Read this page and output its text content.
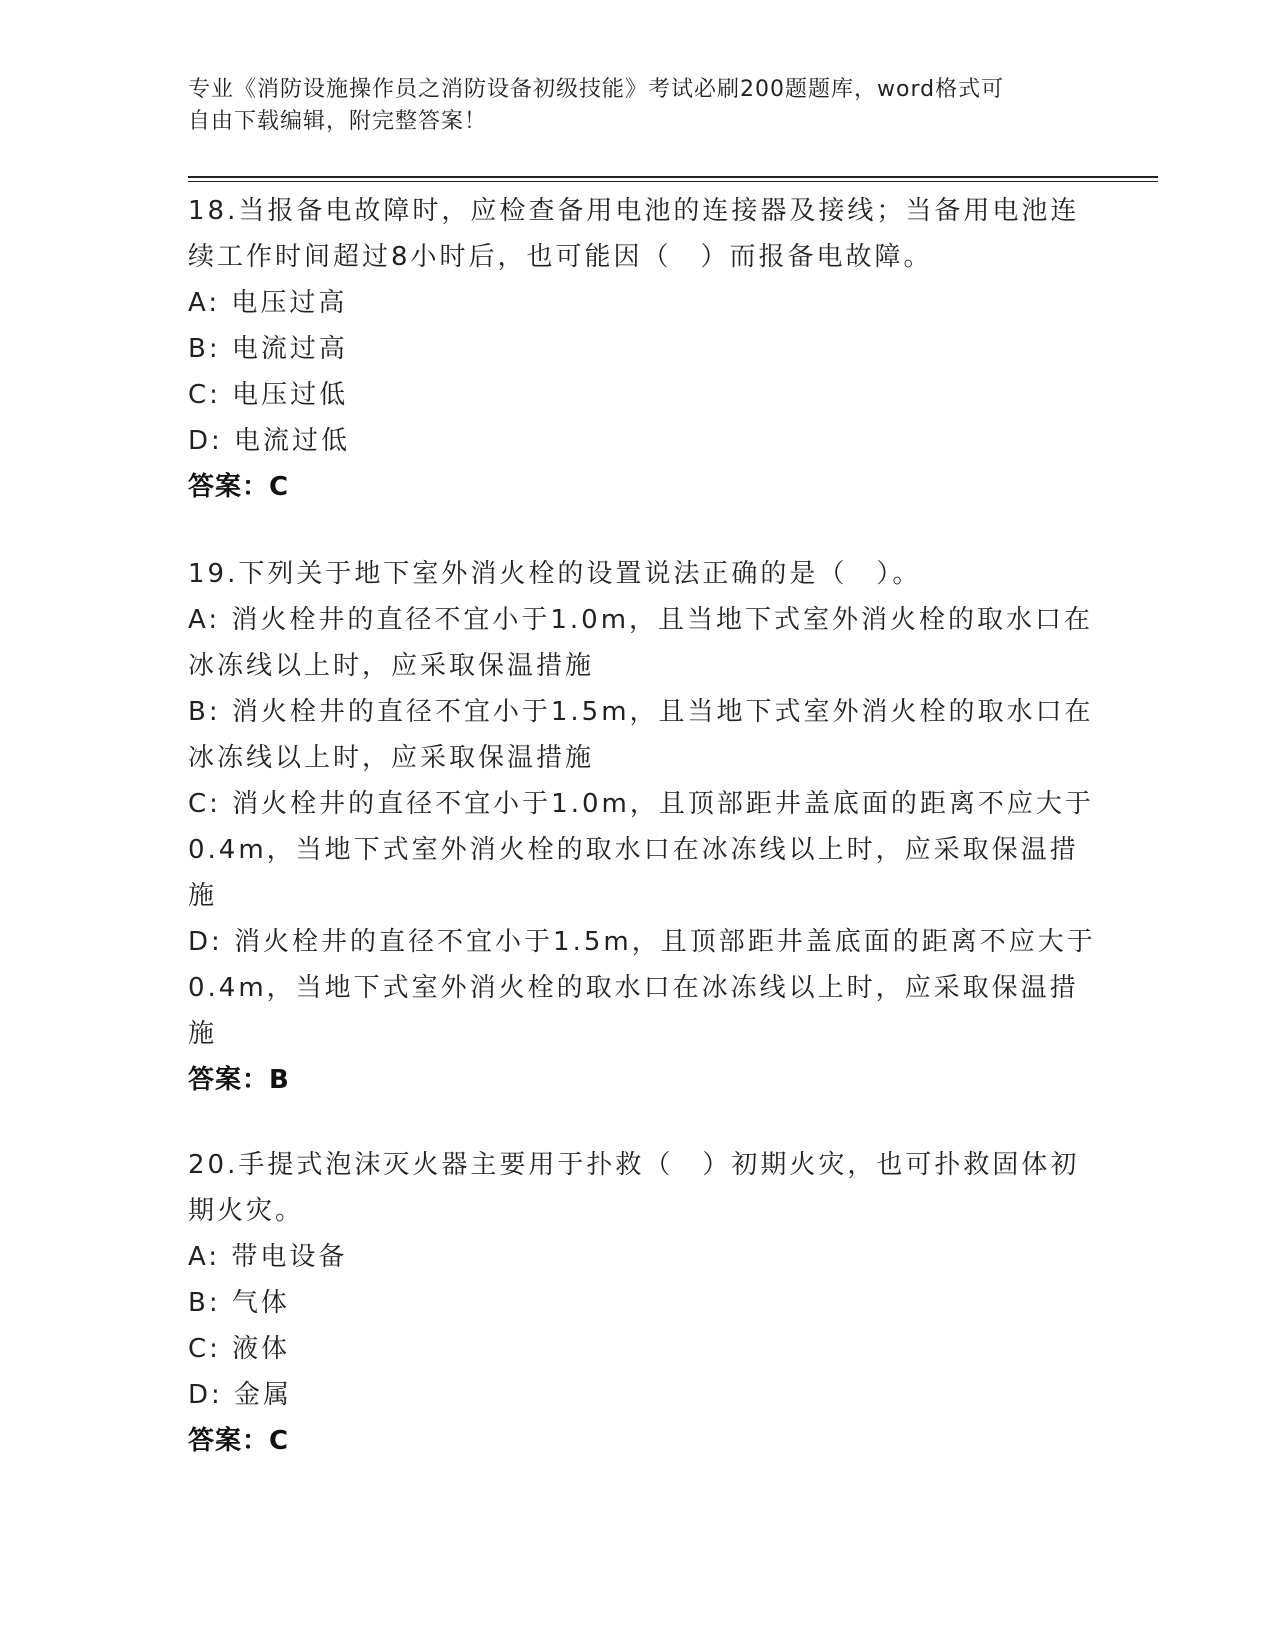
专业《消防设施操作员之消防设备初级技能》考试必刷200题题库，word格式可
自由下载编辑，附完整答案！
18.当报备电故障时，应检查备用电池的连接器及接线；当备用电池连
续工作时间超过8小时后，也可能因（　）而报备电故障。
A: 电压过高
B: 电流过高
C: 电压过低
D: 电流过低
答案：C
19.下列关于地下室外消火栓的设置说法正确的是（　）。
A: 消火栓井的直径不宜小于1.0m，且当地下式室外消火栓的取水口在
冰冻线以上时，应采取保温措施
B: 消火栓井的直径不宜小于1.5m，且当地下式室外消火栓的取水口在
冰冻线以上时，应采取保温措施
C: 消火栓井的直径不宜小于1.0m，且顶部距井盖底面的距离不应大于
0.4m，当地下式室外消火栓的取水口在冰冻线以上时，应采取保温措
施
D: 消火栓井的直径不宜小于1.5m，且顶部距井盖底面的距离不应大于
0.4m，当地下式室外消火栓的取水口在冰冻线以上时，应采取保温措
施
答案：B
20.手提式泡沫灭火器主要用于扑救（　）初期火灾，也可扑救固体初
期火灾。
A: 带电设备
B: 气体
C: 液体
D: 金属
答案：C
